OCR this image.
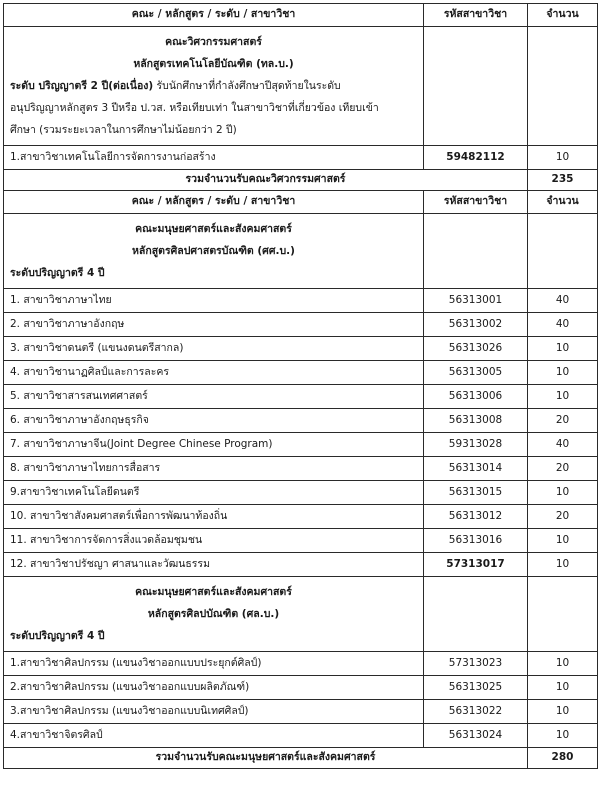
คณะ / หลักสูตร / ระดับ / สาขาวิชา	รหัสสาขาวิชา	จำนวน

คณะวิศวกรรมศาสตร์
หลักสูตรเทคโนโลยีบัณฑิต (ทล.บ.)
ระดับ ปริญญาตรี 2 ปี(ต่อเนื่อง) รับนักศึกษาที่กำลังศึกษาปีสุดท้ายในระดับ
อนุปริญญาหลักสูตร 3 ปีหรือ ป.วส. หรือเทียบเท่า ในสาขาวิชาที่เกี่ยวข้อง เทียบเข้า
ศึกษา (รวมระยะเวลาในการศึกษาไม่น้อยกว่า 2 ปี)		

1.สาขาวิชาเทคโนโลยีการจัดการงานก่อสร้าง	59482112	10
รวมจำนวนรับคณะวิศวกรรมศาสตร์		235
คณะ / หลักสูตร / ระดับ / สาขาวิชา	รหัสสาขาวิชา	จำนวน

คณะมนุษยศาสตร์และสังคมศาสตร์
หลักสูตรศิลปศาสตรบัณฑิต (ศศ.บ.)
ระดับปริญญาตรี 4 ปี		

1. สาขาวิชาภาษาไทย	56313001	40
2. สาขาวิชาภาษาอังกฤษ	56313002	40
3. สาขาวิชาดนตรี (แขนงดนตรีสากล)	56313026	10
4. สาขาวิชานาฏศิลป์และการละคร	56313005	10
5. สาขาวิชาสารสนเทศศาสตร์	56313006	10
6. สาขาวิชาภาษาอังกฤษธุรกิจ	56313008	20
7. สาขาวิชาภาษาจีน(Joint Degree Chinese Program)	59313028	40
8. สาขาวิชาภาษาไทยการสื่อสาร	56313014	20
9.สาขาวิชาเทคโนโลยีดนตรี	56313015	10
10. สาขาวิชาสังคมศาสตร์เพื่อการพัฒนาท้องถิ่น	56313012	20
11. สาขาวิชาการจัดการสิ่งแวดล้อมชุมชน	56313016	10
12. สาขาวิชาปรัชญา ศาสนาและวัฒนธรรม	57313017	10

คณะมนุษยศาสตร์และสังคมศาสตร์
หลักสูตรศิลปบัณฑิต (ศล.บ.)
ระดับปริญญาตรี 4 ปี		

1.สาขาวิชาศิลปกรรม (แขนงวิชาออกแบบประยุกต์ศิลป์)	57313023	10
2.สาขาวิชาศิลปกรรม (แขนงวิชาออกแบบผลิตภัณฑ์)	56313025	10
3.สาขาวิชาศิลปกรรม (แขนงวิชาออกแบบนิเทศศิลป์)	56313022	10
4.สาขาวิชาจิตรศิลป์	56313024	10
รวมจำนวนรับคณะมนุษยศาสตร์และสังคมศาสตร์		280
